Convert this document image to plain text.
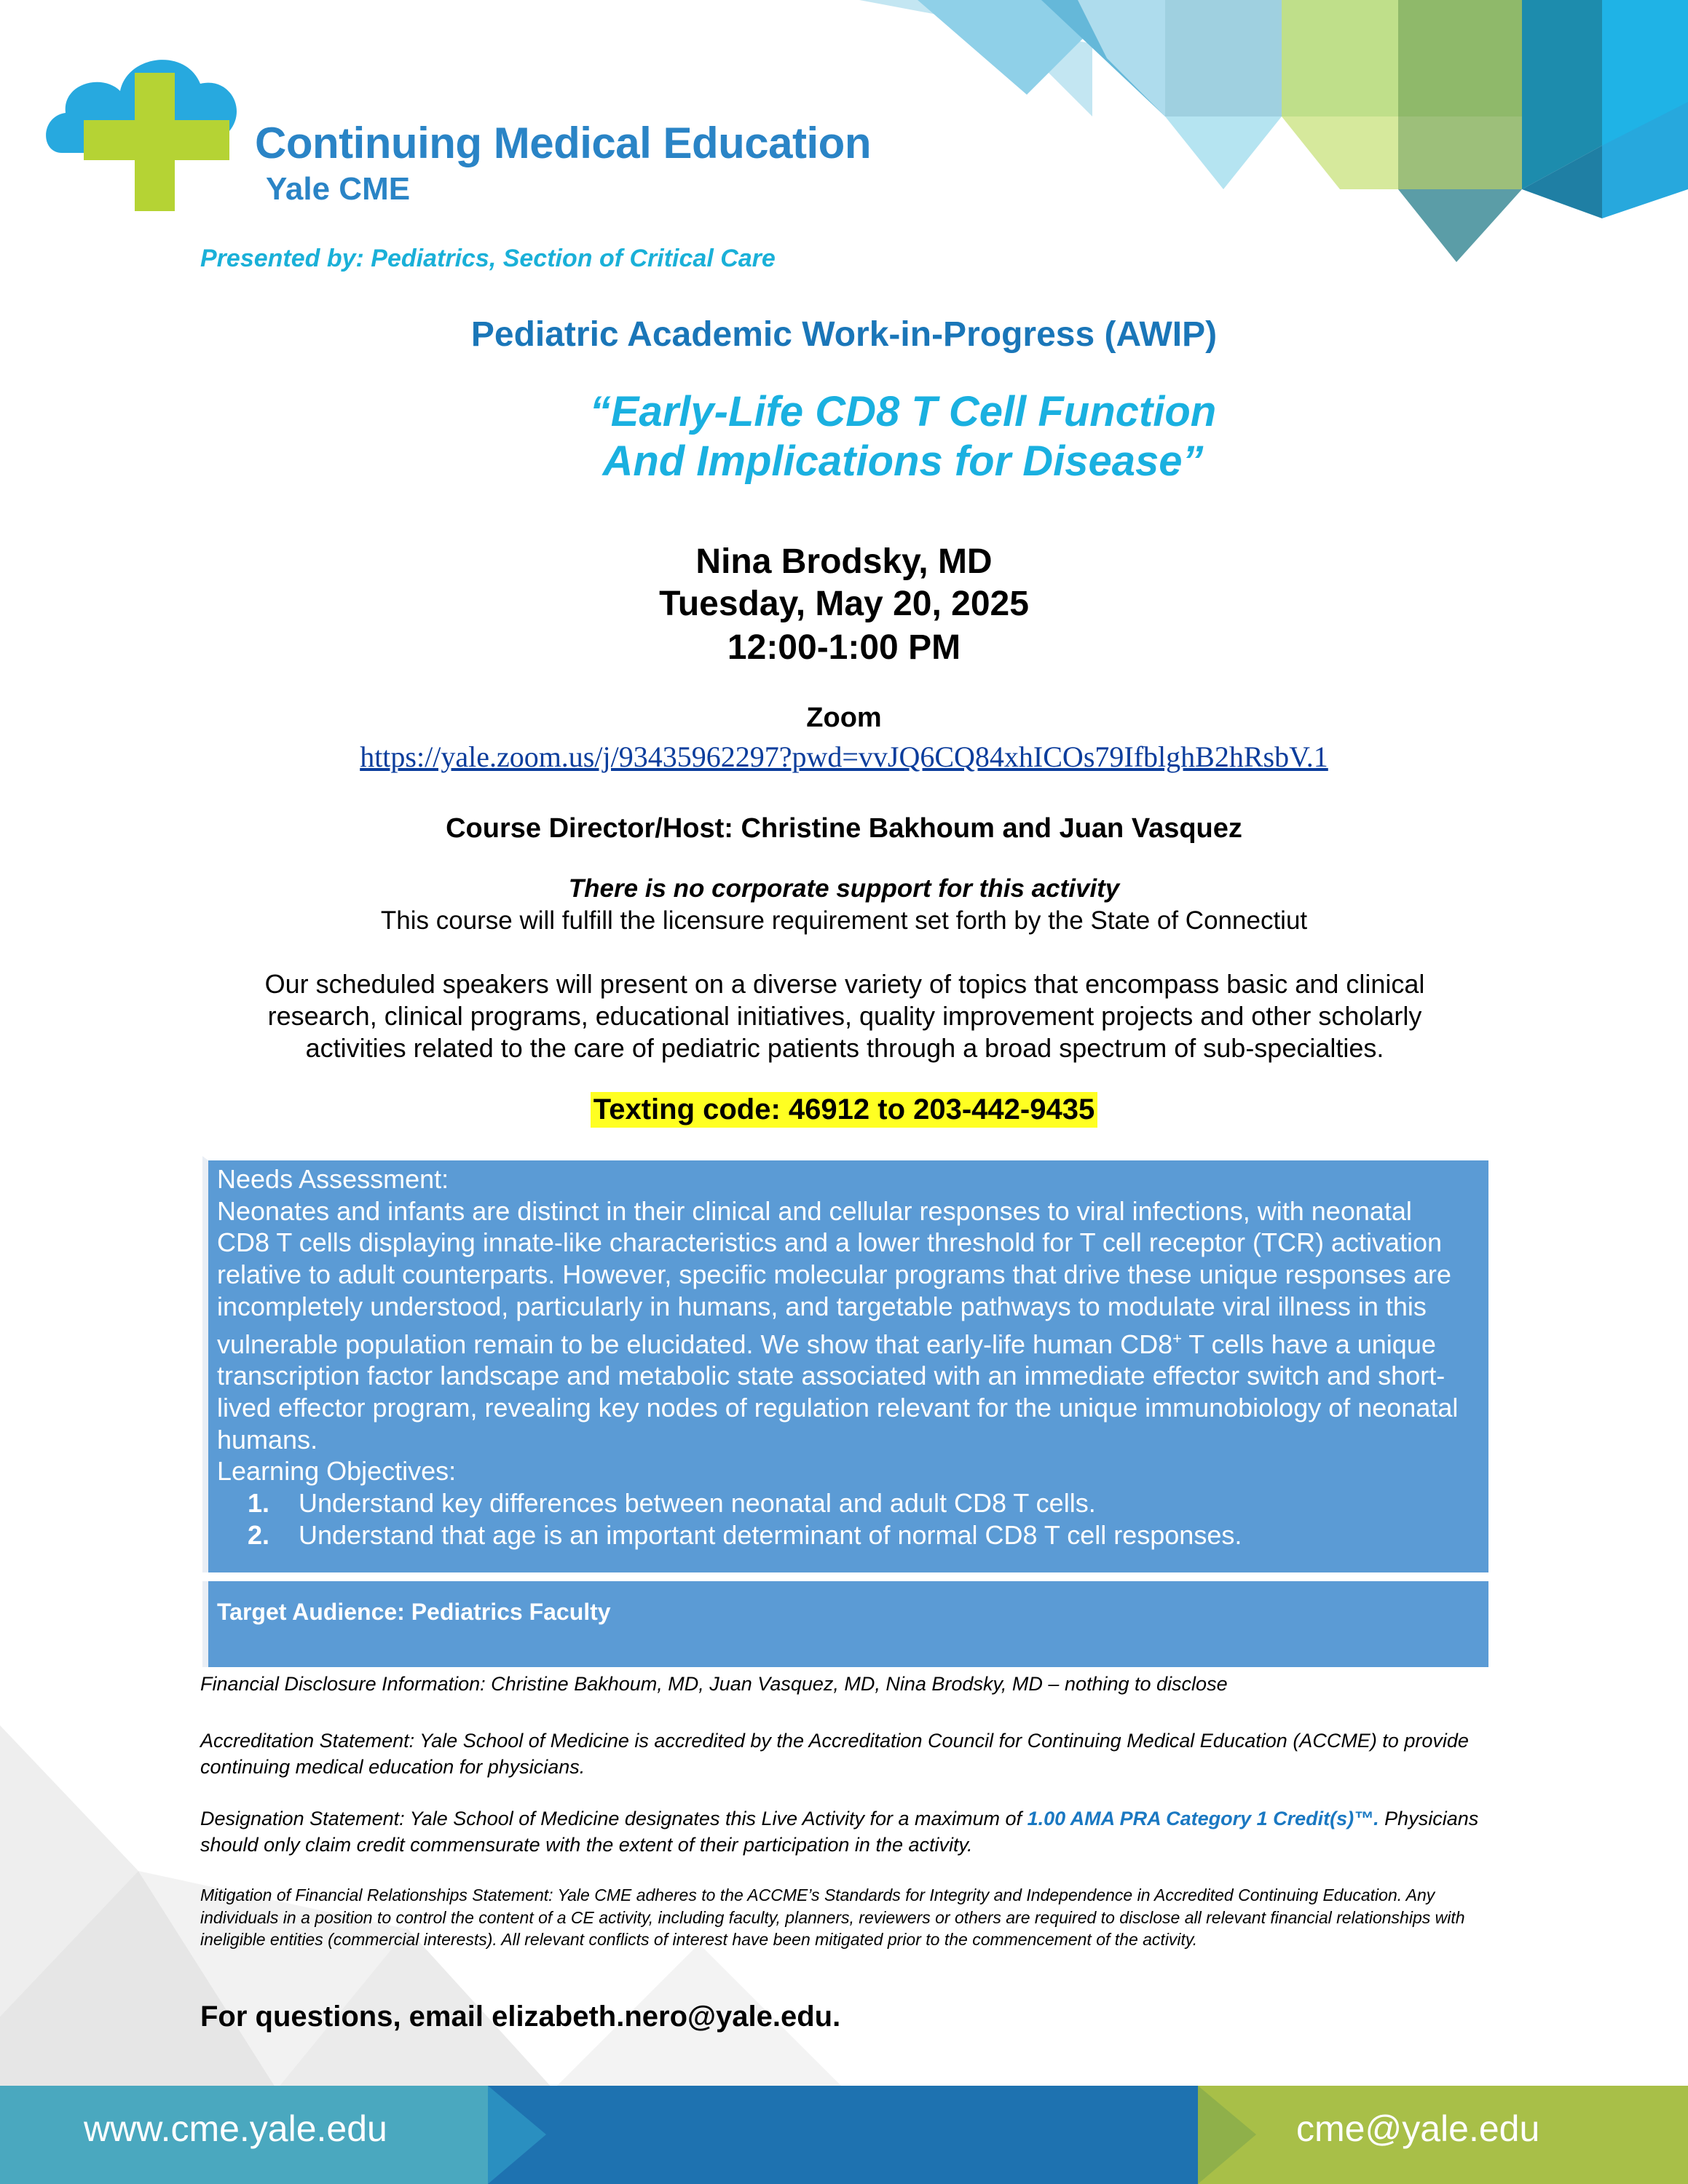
Continuing Medical Education
Yale CME
Presented by: Pediatrics, Section of Critical Care
Pediatric Academic Work-in-Progress (AWIP)
“Early-Life CD8 T Cell Function
And Implications for Disease”
Nina Brodsky, MD
Tuesday, May 20, 2025
12:00-1:00 PM
Zoom
https://yale.zoom.us/j/93435962297?pwd=vvJQ6CQ84xhICOs79IfblghB2hRsbV.1
Course Director/Host: Christine Bakhoum and Juan Vasquez
There is no corporate support for this activity
This course will fulfill the licensure requirement set forth by the State of Connectiut
Our scheduled speakers will present on a diverse variety of topics that encompass basic and clinical research, clinical programs, educational initiatives, quality improvement projects and other scholarly activities related to the care of pediatric patients through a broad spectrum of sub-specialties.
Texting code: 46912 to 203-442-9435

Needs Assessment:

Neonates and infants are distinct in their clinical and cellular responses to viral infections, with neonatal CD8 T cells displaying innate-like characteristics and a lower threshold for T cell receptor (TCR) activation relative to adult counterparts. However, specific molecular programs that drive these unique responses are incompletely understood, particularly in humans, and targetable pathways to modulate viral illness in this vulnerable population remain to be elucidated. We show that early-life human CD8+ T cells have a unique transcription factor landscape and metabolic state associated with an immediate effector switch and short-lived effector program, revealing key nodes of regulation relevant for the unique immunobiology of neonatal humans.

Learning Objectives:

1.	Understand key differences between neonatal and adult CD8 T cells.
2.	Understand that age is an important determinant of normal CD8 T cell responses.
Target Audience: Pediatrics Faculty
Financial Disclosure Information: Christine Bakhoum, MD, Juan Vasquez, MD, Nina Brodsky, MD – nothing to disclose
Accreditation Statement: Yale School of Medicine is accredited by the Accreditation Council for Continuing Medical Education (ACCME) to provide continuing medical education for physicians.
Designation Statement: Yale School of Medicine designates this Live Activity for a maximum of 1.00 AMA PRA Category 1 Credit(s)™. Physicians should only claim credit commensurate with the extent of their participation in the activity.
Mitigation of Financial Relationships Statement: Yale CME adheres to the ACCME’s Standards for Integrity and Independence in Accredited Continuing Education. Any individuals in a position to control the content of a CE activity, including faculty, planners, reviewers or others are required to disclose all relevant financial relationships with ineligible entities (commercial interests). All relevant conflicts of interest have been mitigated prior to the commencement of the activity.
For questions, email elizabeth.nero@yale.edu.
www.cme.yale.edu	cme@yale.edu
